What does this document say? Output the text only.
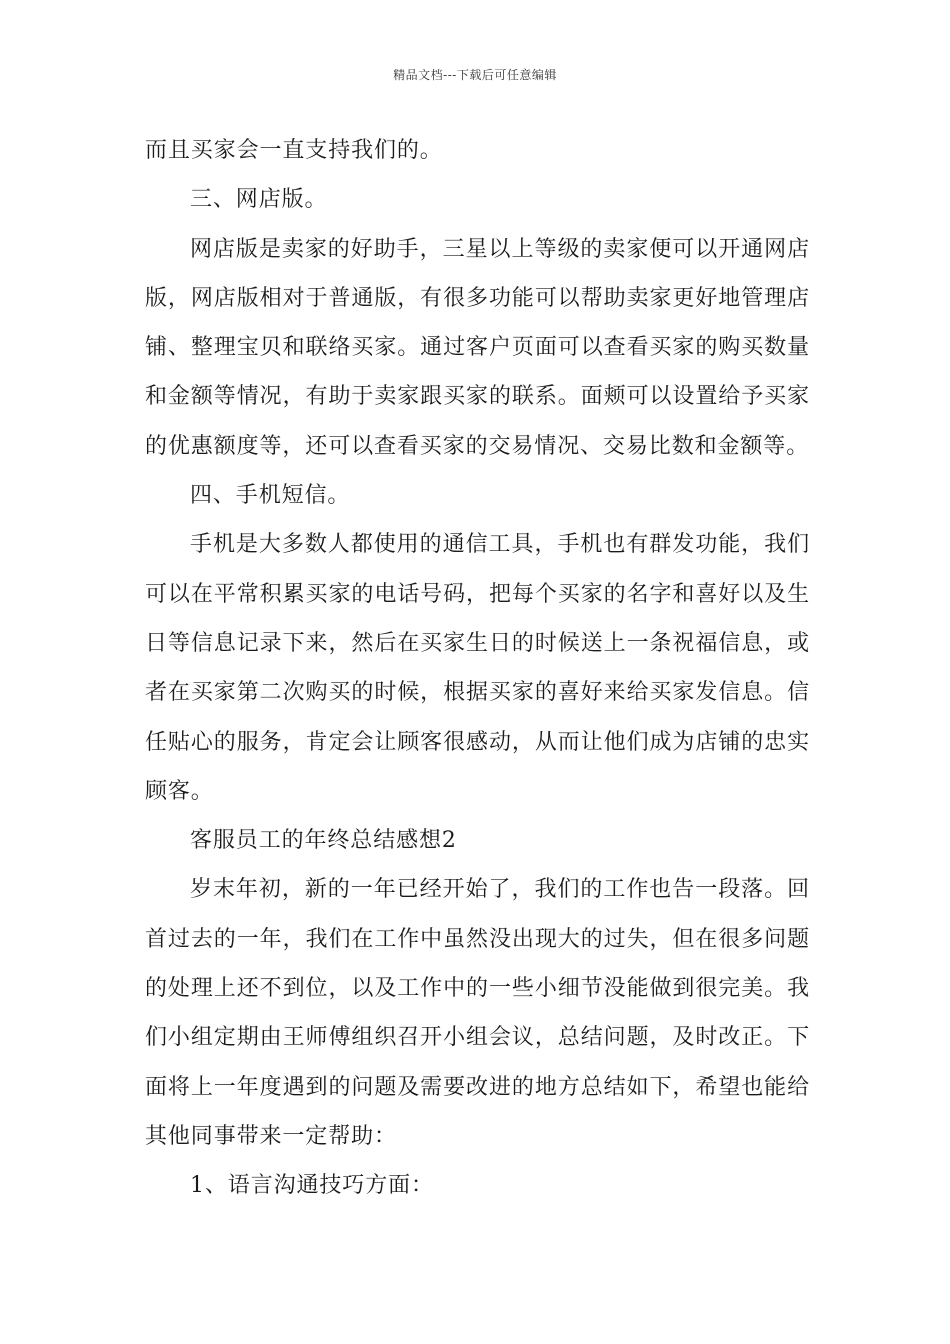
精品文档---下载后可任意编辑
而且买家会一直支持我们的。
三、网店版。
网店版是卖家的好助手，三星以上等级的卖家便可以开通网店
版，网店版相对于普通版，有很多功能可以帮助卖家更好地管理店
铺、整理宝贝和联络买家。通过客户页面可以查看买家的购买数量
和金额等情况，有助于卖家跟买家的联系。面颊可以设置给予买家
的优惠额度等，还可以查看买家的交易情况、交易比数和金额等。
四、手机短信。
手机是大多数人都使用的通信工具，手机也有群发功能，我们
可以在平常积累买家的电话号码，把每个买家的名字和喜好以及生
日等信息记录下来，然后在买家生日的时候送上一条祝福信息，或
者在买家第二次购买的时候，根据买家的喜好来给买家发信息。信
任贴心的服务，肯定会让顾客很感动，从而让他们成为店铺的忠实
顾客。
客服员工的年终总结感想2
岁末年初，新的一年已经开始了，我们的工作也告一段落。回
首过去的一年，我们在工作中虽然没出现大的过失，但在很多问题
的处理上还不到位，以及工作中的一些小细节没能做到很完美。我
们小组定期由王师傅组织召开小组会议，总结问题，及时改正。下
面将上一年度遇到的问题及需要改进的地方总结如下，希望也能给
其他同事带来一定帮助：
1、语言沟通技巧方面：
